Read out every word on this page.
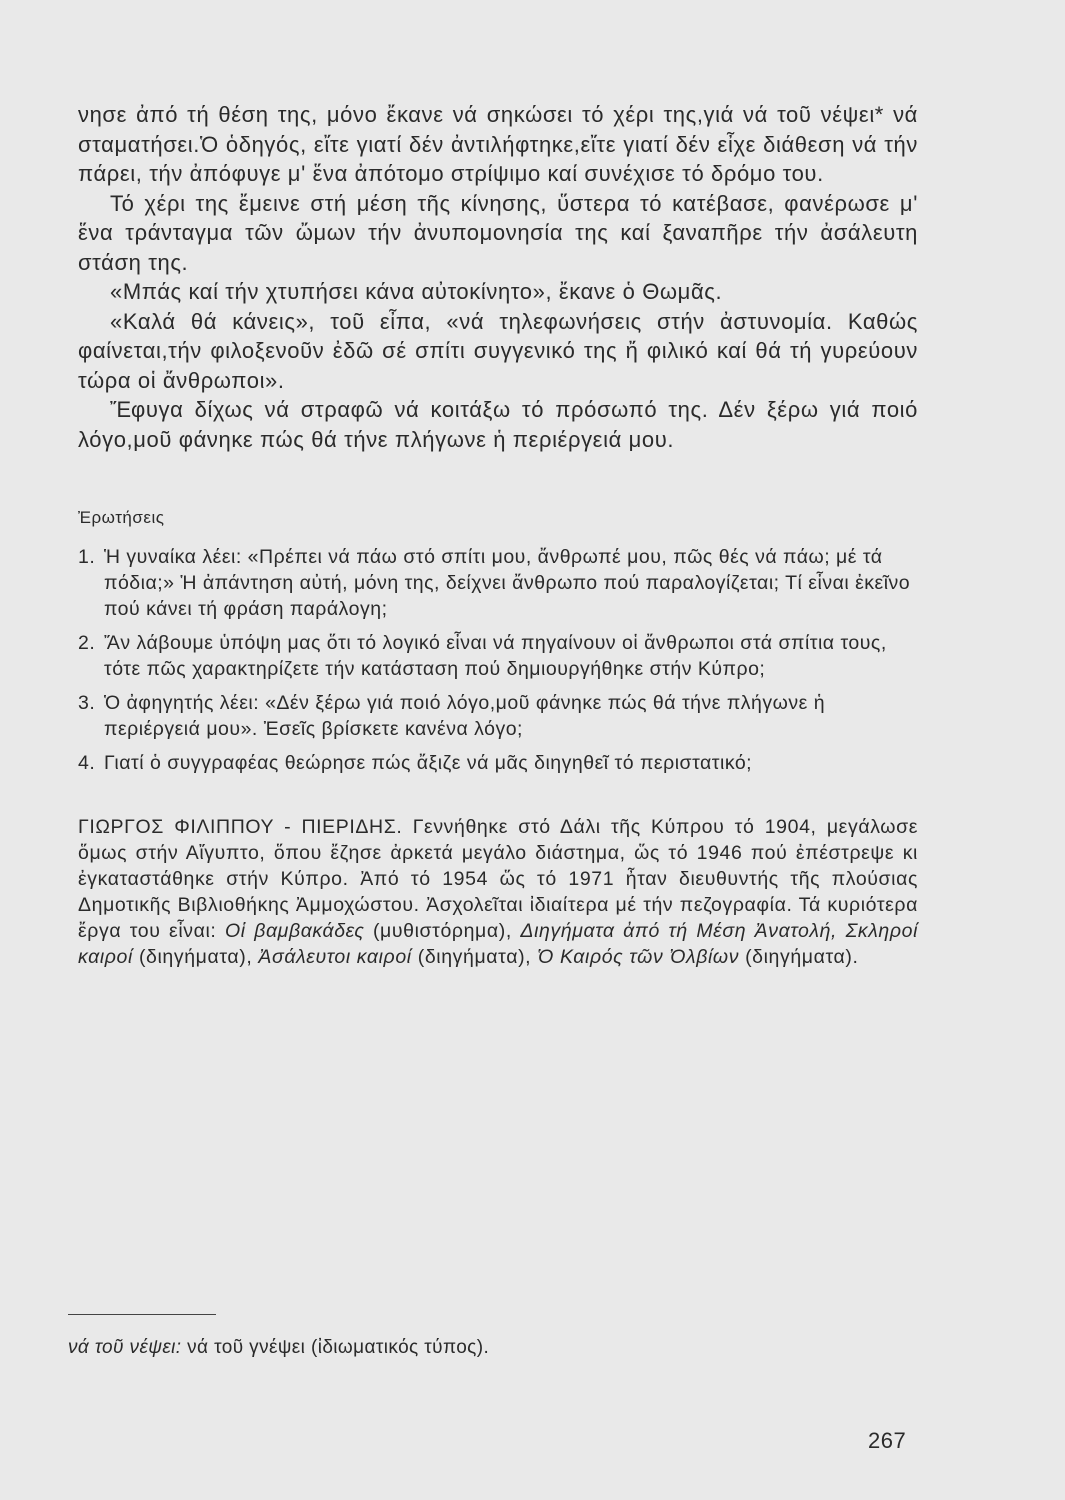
νησε ἀπό τή θέση της, μόνο ἔκανε νά σηκώσει τό χέρι της,γιά νά τοῦ νέψει* νά σταματήσει.Ὁ ὁδηγός, εἴτε γιατί δέν ἀντιλήφτηκε,εἴτε γιατί δέν εἶχε διάθεση νά τήν πάρει, τήν ἀπόφυγε μ' ἕνα ἀπότομο στρίψιμο καί συνέχισε τό δρόμο του.

Τό χέρι της ἔμεινε στή μέση τῆς κίνησης, ὕστερα τό κατέβασε, φανέρωσε μ' ἕνα τράνταγμα τῶν ὤμων τήν ἀνυπομονησία της καί ξαναπῆρε τήν ἀσάλευτη στάση της.

«Μπάς καί τήν χτυπήσει κάνα αὐτοκίνητο», ἔκανε ὁ Θωμᾶς.

«Καλά θά κάνεις», τοῦ εἶπα, «νά τηλεφωνήσεις στήν ἀστυνομία. Καθώς φαίνεται,τήν φιλοξενοῦν ἐδῶ σέ σπίτι συγγενικό της ἤ φιλικό καί θά τή γυρεύουν τώρα οἱ ἄνθρωποι».

Ἔφυγα δίχως νά στραφῶ νά κοιτάξω τό πρόσωπό της. Δέν ξέρω γιά ποιό λόγο,μοῦ φάνηκε πώς θά τήνε πλήγωνε ἡ περιέργειά μου.

Ἐρωτήσεις
1. Ἡ γυναίκα λέει: «Πρέπει νά πάω στό σπίτι μου, ἄνθρωπέ μου, πῶς θές νά πάω; μέ τά πόδια;» Ἡ ἀπάντηση αὐτή, μόνη της, δείχνει ἄνθρωπο πού παραλογίζεται; Τί εἶναι ἐκεῖνο πού κάνει τή φράση παράλογη;
2. Ἄν λάβουμε ὑπόψη μας ὅτι τό λογικό εἶναι νά πηγαίνουν οἱ ἄνθρωποι στά σπίτια τους, τότε πῶς χαρακτηρίζετε τήν κατάσταση πού δημιουργήθηκε στήν Κύπρο;
3. Ὁ ἀφηγητής λέει: «Δέν ξέρω γιά ποιό λόγο,μοῦ φάνηκε πώς θά τήνε πλήγωνε ἡ περιέργειά μου». Ἐσεῖς βρίσκετε κανένα λόγο;
4. Γιατί ὁ συγγραφέας θεώρησε πώς ἄξιζε νά μᾶς διηγηθεῖ τό περιστατικό;
ΓΙΩΡΓΟΣ ΦΙΛΙΠΠΟΥ - ΠΙΕΡΙΔΗΣ. Γεννήθηκε στό Δάλι τῆς Κύπρου τό 1904, μεγάλωσε ὅμως στήν Αἴγυπτο, ὅπου ἔζησε ἀρκετά μεγάλο διάστημα, ὥς τό 1946 πού ἐπέστρεψε κι ἐγκαταστάθηκε στήν Κύπρο. Ἀπό τό 1954 ὥς τό 1971 ἦταν διευθυντής τῆς πλούσιας Δημοτικῆς Βιβλιοθήκης Ἀμμοχώστου. Ἀσχολεῖται ἰδιαίτερα μέ τήν πεζογραφία. Τά κυριότερα ἔργα του εἶναι: Οἱ βαμβακάδες (μυθιστόρημα), Διηγήματα ἀπό τή Μέση Ἀνατολή, Σκληροί καιροί (διηγήματα), Ἀσάλευτοι καιροί (διηγήματα), Ὁ Καιρός τῶν Ὀλβίων (διηγήματα).
νά τοῦ νέψει: νά τοῦ γνέψει (ἰδιωματικός τύπος).
267
